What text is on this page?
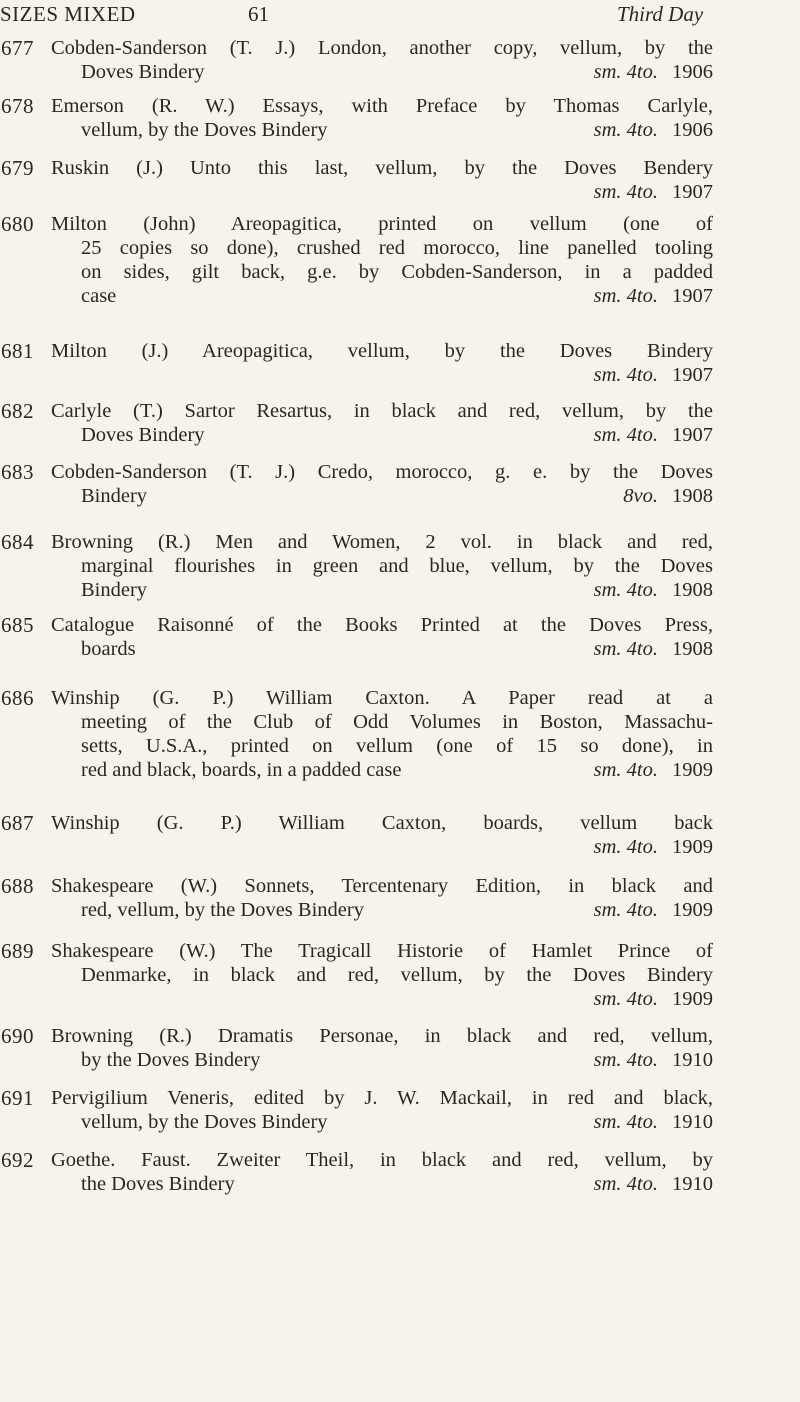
SIZES MIXED	61	Third Day
677 Cobden-Sanderson (T. J.) London, another copy, vellum, by the
Doves Bindery	sm. 4to. 1906
678 Emerson (R. W.) Essays, with Preface by Thomas Carlyle,
vellum, by the Doves Bindery	sm. 4to. 1906
679 Ruskin (J.) Unto this last, vellum, by the Doves Bendery
sm. 4to. 1907
680 Milton (John) Areopagitica, printed on vellum (one of
25 copies so done), crushed red morocco, line panelled tooling
on sides, gilt back, g.e. by Cobden-Sanderson, in a padded
case	sm. 4to. 1907
681 Milton (J.) Areopagitica, vellum, by the Doves Bindery
sm. 4to. 1907
682 Carlyle (T.) Sartor Resartus, in black and red, vellum, by the
Doves Bindery	sm. 4to. 1907
683 Cobden-Sanderson (T. J.) Credo, morocco, g. e. by the Doves
Bindery	8vo. 1908
684 Browning (R.) Men and Women, 2 vol. in black and red,
marginal flourishes in green and blue, vellum, by the Doves
Bindery	sm. 4to. 1908
685 Catalogue Raisonné of the Books Printed at the Doves Press,
boards	sm. 4to. 1908
686 Winship (G. P.) William Caxton. A Paper read at a
meeting of the Club of Odd Volumes in Boston, Massachu-
setts, U.S.A., printed on vellum (one of 15 so done), in
red and black, boards, in a padded case	sm. 4to. 1909
687 Winship (G. P.) William Caxton, boards, vellum back
sm. 4to. 1909
688 Shakespeare (W.) Sonnets, Tercentenary Edition, in black and
red, vellum, by the Doves Bindery	sm. 4to. 1909
689 Shakespeare (W.) The Tragicall Historie of Hamlet Prince of
Denmarke, in black and red, vellum, by the Doves Bindery
sm. 4to. 1909
690 Browning (R.) Dramatis Personae, in black and red, vellum,
by the Doves Bindery	sm. 4to. 1910
691 Pervigilium Veneris, edited by J. W. Mackail, in red and black,
vellum, by the Doves Bindery	sm. 4to. 1910
692 Goethe. Faust. Zweiter Theil, in black and red, vellum, by
the Doves Bindery	sm. 4to. 1910
